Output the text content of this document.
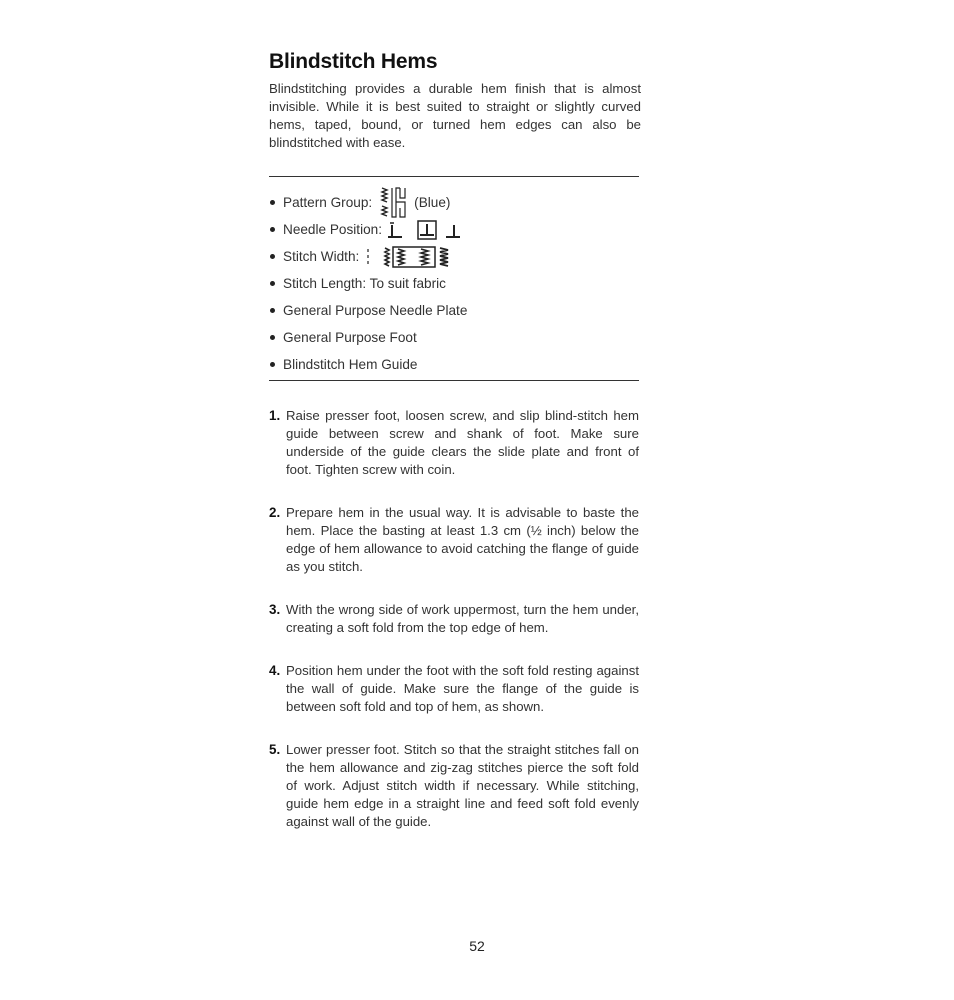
Blindstitch Hems

Blindstitching provides a durable hem finish that is almost invisible. While it is best suited to straight or slightly curved hems, taped, bound, or turned hem edges can also be blindstitched with ease.

Pattern Group:	(Blue)
Needle Position:
Stitch Width:
Stitch Length: To suit fabric
General Purpose Needle Plate
General Purpose Foot
Blindstitch Hem Guide
1. Raise presser foot, loosen screw, and slip blind-stitch hem guide between screw and shank of foot. Make sure underside of the guide clears the slide plate and front of foot. Tighten screw with coin.
2. Prepare hem in the usual way. It is advisable to baste the hem. Place the basting at least 1.3 cm (½ inch) below the edge of hem allowance to avoid catching the flange of guide as you stitch.
3. With the wrong side of work uppermost, turn the hem under, creating a soft fold from the top edge of hem.
4. Position hem under the foot with the soft fold resting against the wall of guide. Make sure the flange of the guide is between soft fold and top of hem, as shown.
5. Lower presser foot. Stitch so that the straight stitches fall on the hem allowance and zig-zag stitches pierce the soft fold of work. Adjust stitch width if necessary. While stitching, guide hem edge in a straight line and feed soft fold evenly against wall of the guide.
52
